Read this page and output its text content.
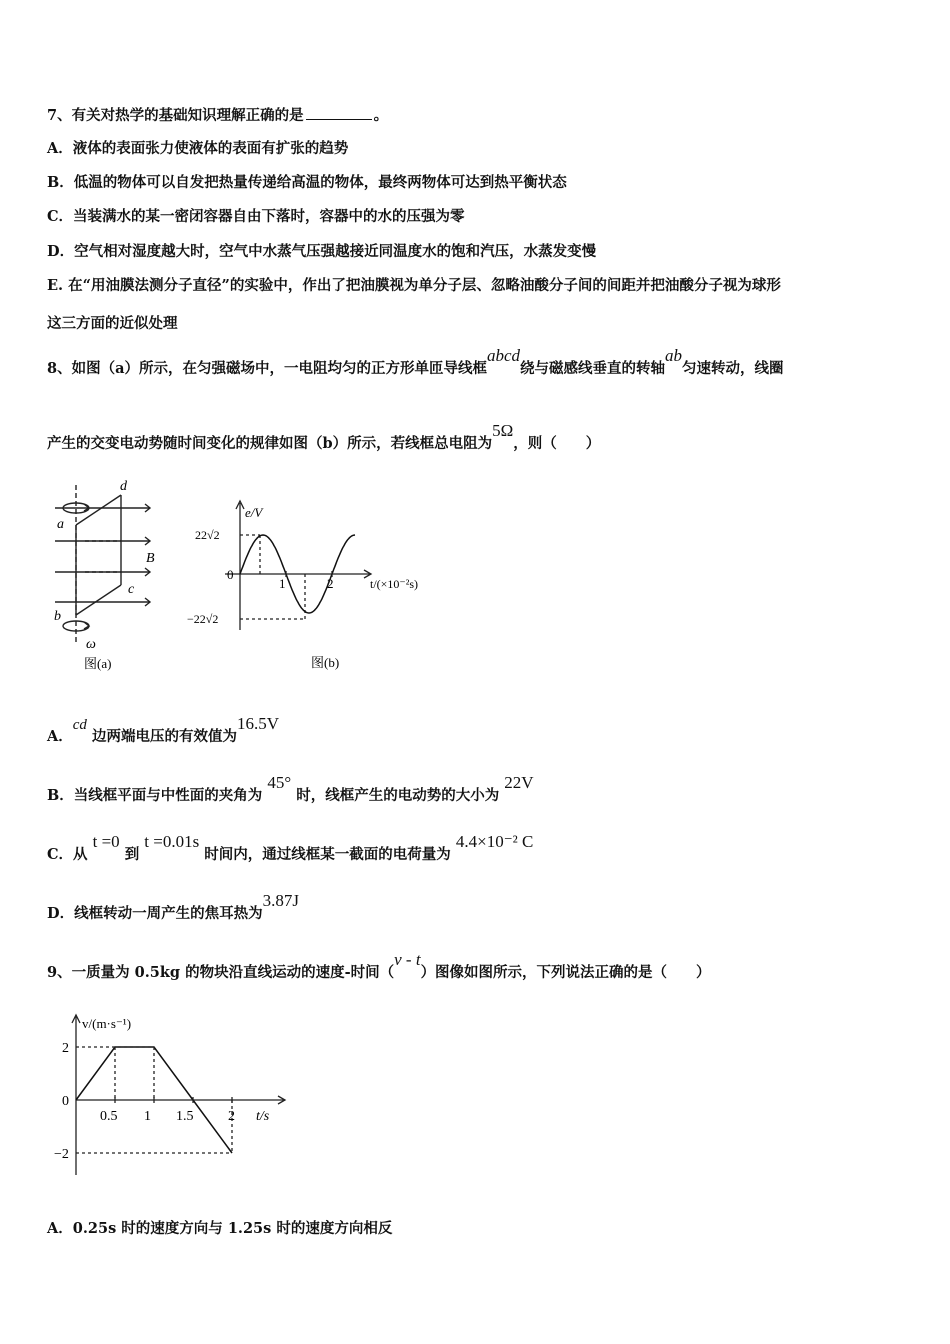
7、有关对热学的基础知识理解正确的是	。
A．液体的表面张力使液体的表面有扩张的趋势
B．低温的物体可以自发把热量传递给高温的物体，最终两物体可达到热平衡状态
C．当装满水的某一密闭容器自由下落时，容器中的水的压强为零
D．空气相对湿度越大时，空气中水蒸气压强越接近同温度水的饱和汽压，水蒸发变慢
E. 在“用油膜法测分子直径”的实验中，作出了把油膜视为单分子层、忽略油酸分子间的间距并把油酸分子视为球形
这三方面的近似处理
8、如图（a）所示，在匀强磁场中，一电阻均匀的正方形单匝导线框abcd绕与磁感线垂直的转轴ab匀速转动，线圈
产生的交变电动势随时间变化的规律如图（b）所示，若线框总电阻为5Ω，则（　　）
d
a
B
c
b
ω
图(a)
e/V
22√2
0
−22√2
1	2	t/(×10⁻²s)
图(b)
A．cd 边两端电压的有效值为16.5V
B．当线框平面与中性面的夹角为 45° 时，线框产生的电动势的大小为 22V
C．从 t =0 到 t =0.01s 时间内，通过线框某一截面的电荷量为 4.4×10⁻² C
D．线框转动一周产生的焦耳热为3.87J
9、一质量为 0.5kg 的物块沿直线运动的速度-时间（v - t）图像如图所示，下列说法正确的是（　　）
v/(m·s⁻¹)
2
0
−2
0.5 1 1.5 2 t/s
A．0.25s 时的速度方向与 1.25s 时的速度方向相反
